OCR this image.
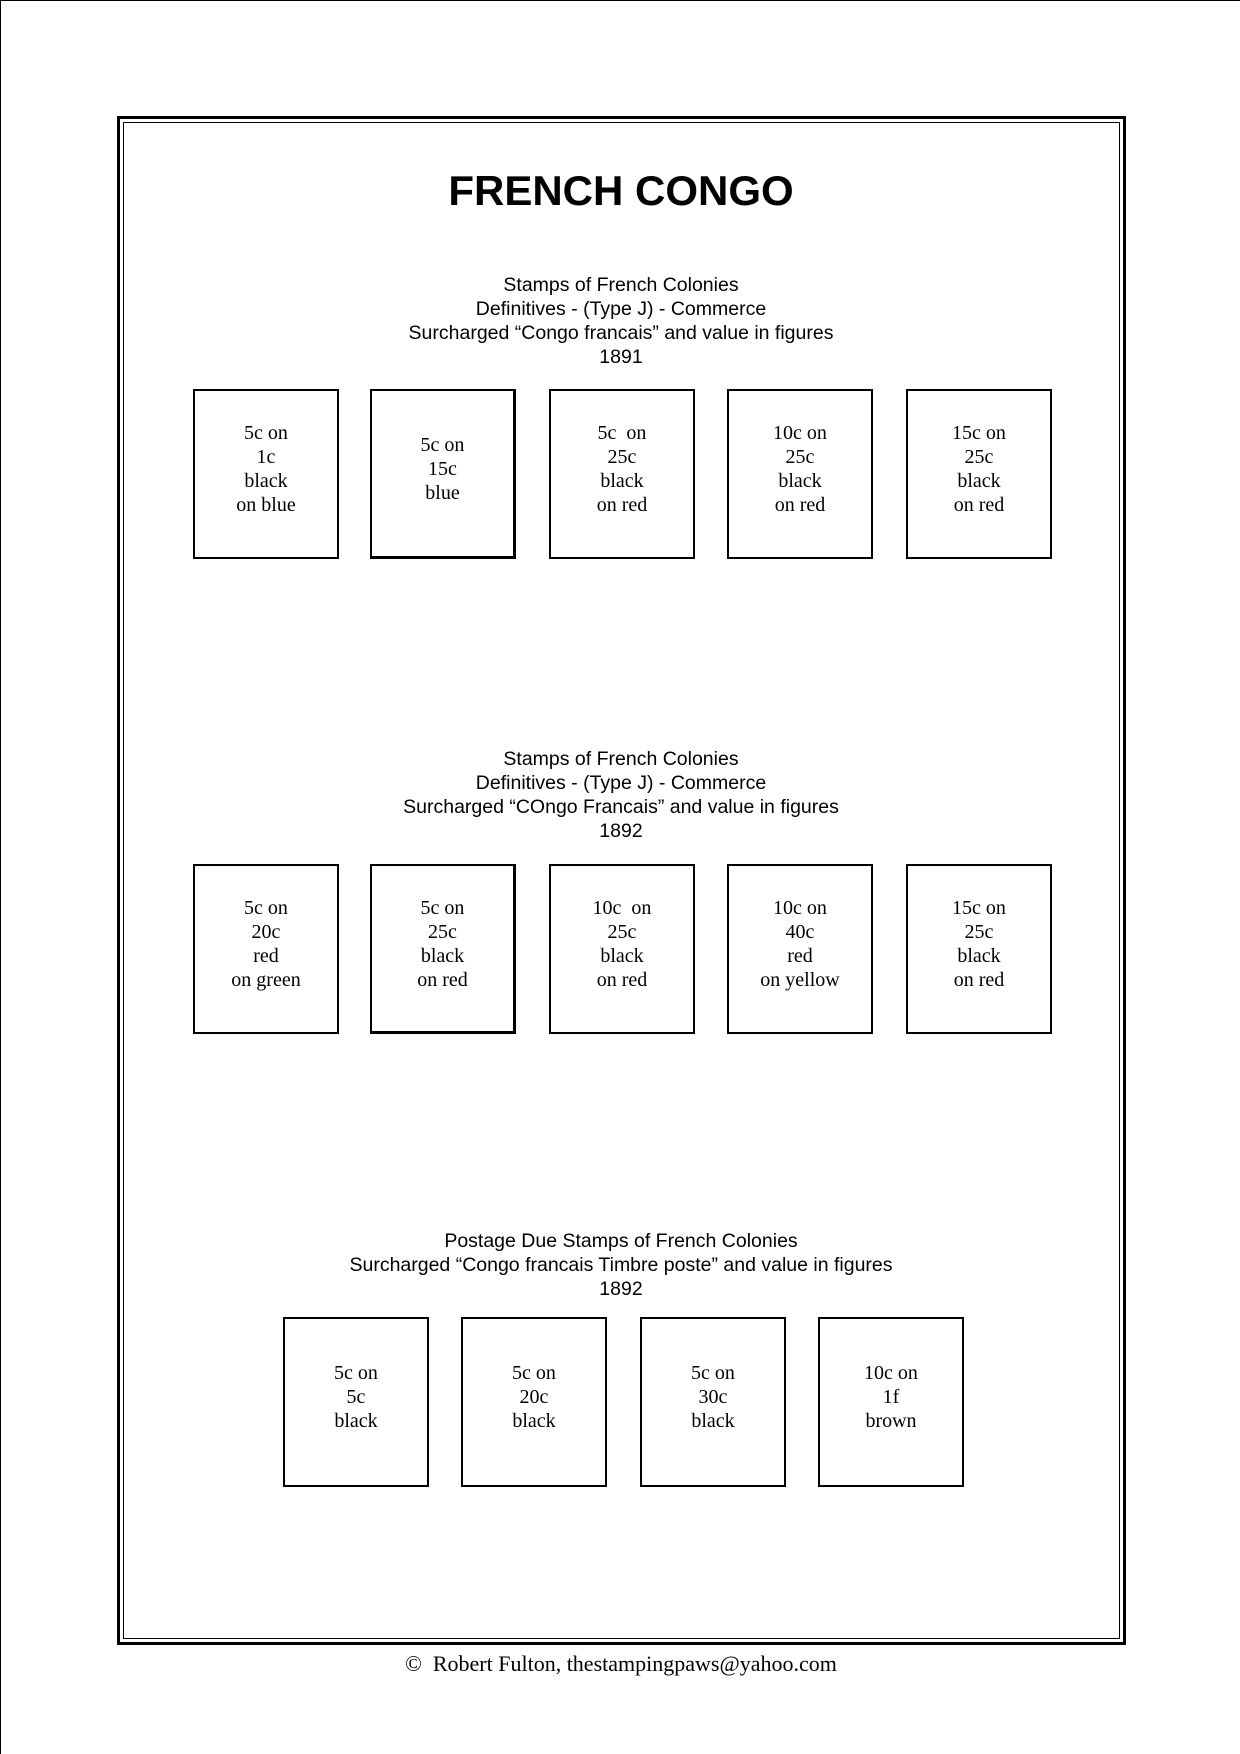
FRENCH CONGO
Stamps of French Colonies
Definitives - (Type J) - Commerce
Surcharged “Congo francais” and value in figures
1891
5c on
1c
black
on blue
5c on
15c
blue
5c  on
25c
black
on red
10c on
25c
black
on red
15c on
25c
black
on red
Stamps of French Colonies
Definitives - (Type J) - Commerce
Surcharged “COngo Francais” and value in figures
1892
5c on
20c
red
on green
5c on
25c
black
on red
10c  on
25c
black
on red
10c on
40c
red
on yellow
15c on
25c
black
on red
Postage Due Stamps of French Colonies
Surcharged “Congo francais Timbre poste” and value in figures
1892
5c on
5c
black
5c on
20c
black
5c on
30c
black
10c on
1f
brown
©  Robert Fulton, thestampingpaws@yahoo.com
